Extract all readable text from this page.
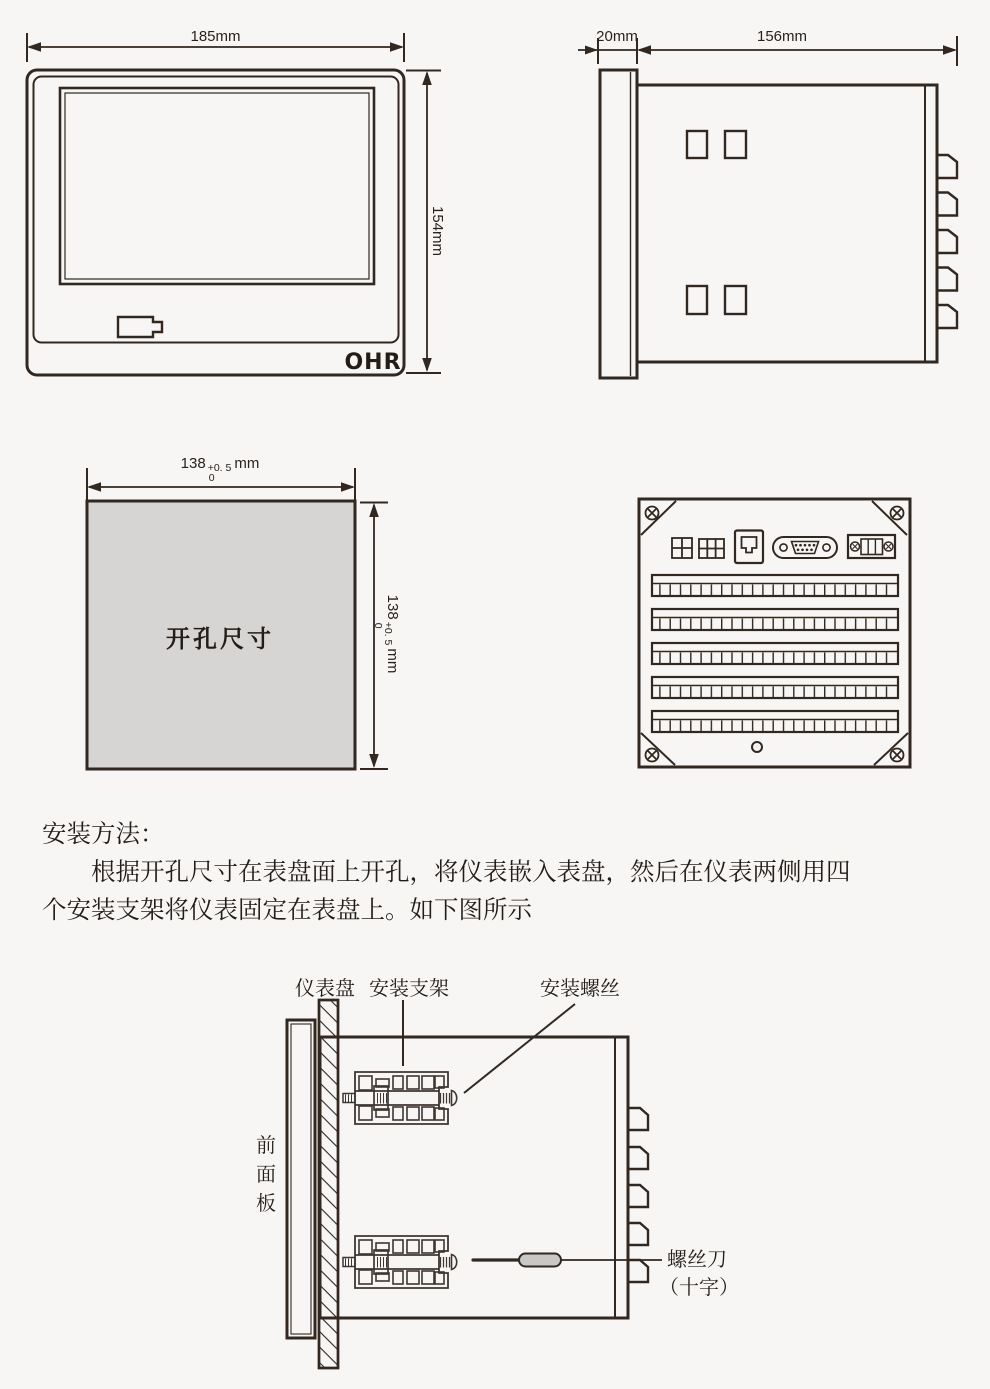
185mm
154mm
OHR
20mm	156mm
138 +0. 5
0
mm
138
+0. 5
0
mm
开孔尺寸
安装方法：
根据开孔尺寸在表盘面上开孔，将仪表嵌入表盘，然后在仪表两侧用四
个安装支架将仪表固定在表盘上。如下图所示
仪表盘 安装支架	安装螺丝
前面板
螺丝刀
（十字）
